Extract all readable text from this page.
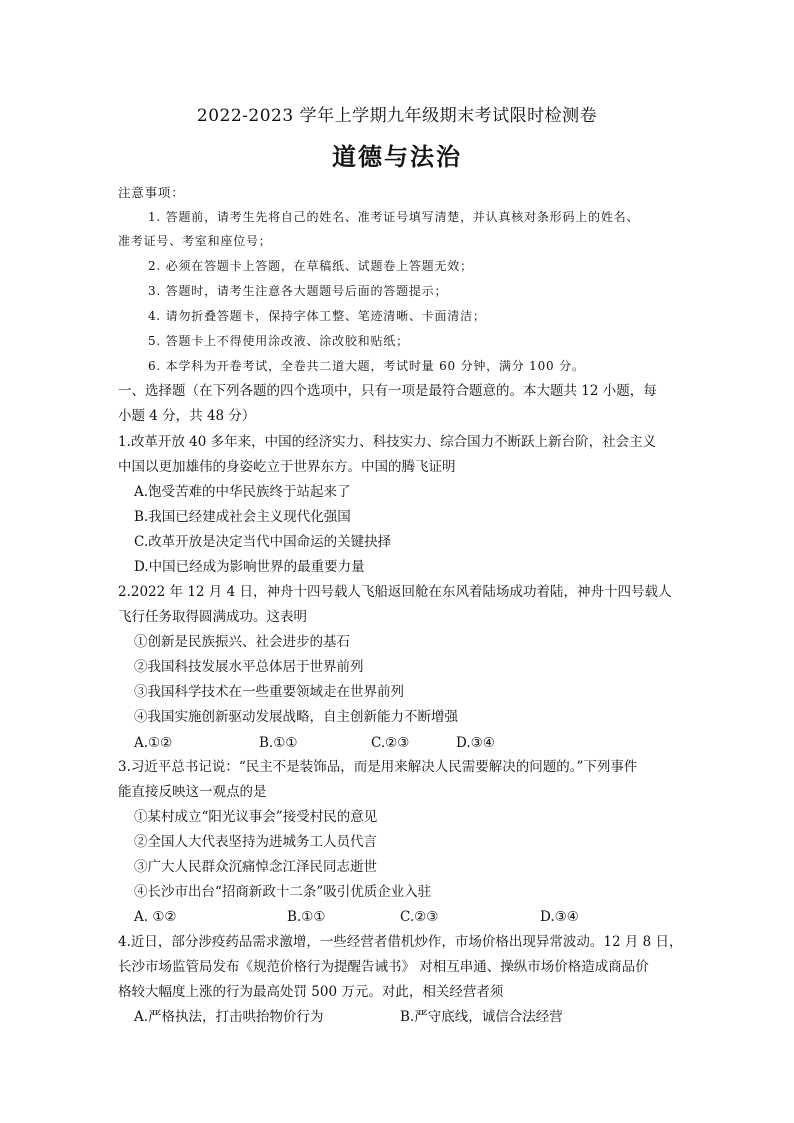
2022-2023 学年上学期九年级期末考试限时检测卷
道德与法治
注意事项：
1. 答题前，请考生先将自己的姓名、准考证号填写清楚，并认真核对条形码上的姓名、
准考证号、考室和座位号；
2. 必须在答题卡上答题，在草稿纸、试题卷上答题无效；
3. 答题时，请考生注意各大题题号后面的答题提示；
4. 请勿折叠答题卡，保持字体工整、笔迹清晰、卡面清洁；
5. 答题卡上不得使用涂改液、涂改胶和贴纸；
6. 本学科为开卷考试，全卷共二道大题，考试时量 60 分钟，满分 100 分。
一、选择题（在下列各题的四个选项中，只有一项是最符合题意的。本大题共 12 小题，每
小题 4 分，共 48 分）
1.改革开放 40 多年来，中国的经济实力、科技实力、综合国力不断跃上新台阶，社会主义
中国以更加雄伟的身姿屹立于世界东方。中国的腾飞证明
A.饱受苦难的中华民族终于站起来了
B.我国已经建成社会主义现代化强国
C.改革开放是决定当代中国命运的关键抉择
D.中国已经成为影响世界的最重要力量
2.2022 年 12 月 4 日，神舟十四号载人飞船返回舱在东风着陆场成功着陆，神舟十四号载人
飞行任务取得圆满成功。这表明
①创新是民族振兴、社会进步的基石
②我国科技发展水平总体居于世界前列
③我国科学技术在一些重要领域走在世界前列
④我国实施创新驱动发展战略，自主创新能力不断增强
A.①②	B.①①	C.②③	D.③④
3.习近平总书记说：“民主不是装饰品，而是用来解决人民需要解决的问题的。”下列事件
能直接反映这一观点的是
①某村成立“阳光议事会”接受村民的意见
②全国人大代表坚持为进城务工人员代言
③广大人民群众沉痛悼念江泽民同志逝世
④长沙市出台“招商新政十二条”吸引优质企业入驻
A. ①②	B.①①	C.②③	D.③④
4.近日，部分涉疫药品需求激增，一些经营者借机炒作，市场价格出现异常波动。12 月 8 日，
长沙市场监管局发布《规范价格行为提醒告诫书》 对相互串通、操纵市场价格造成商品价
格较大幅度上涨的行为最高处罚 500 万元。对此，相关经营者须
A.严格执法，打击哄抬物价行为	B.严守底线，诚信合法经营
